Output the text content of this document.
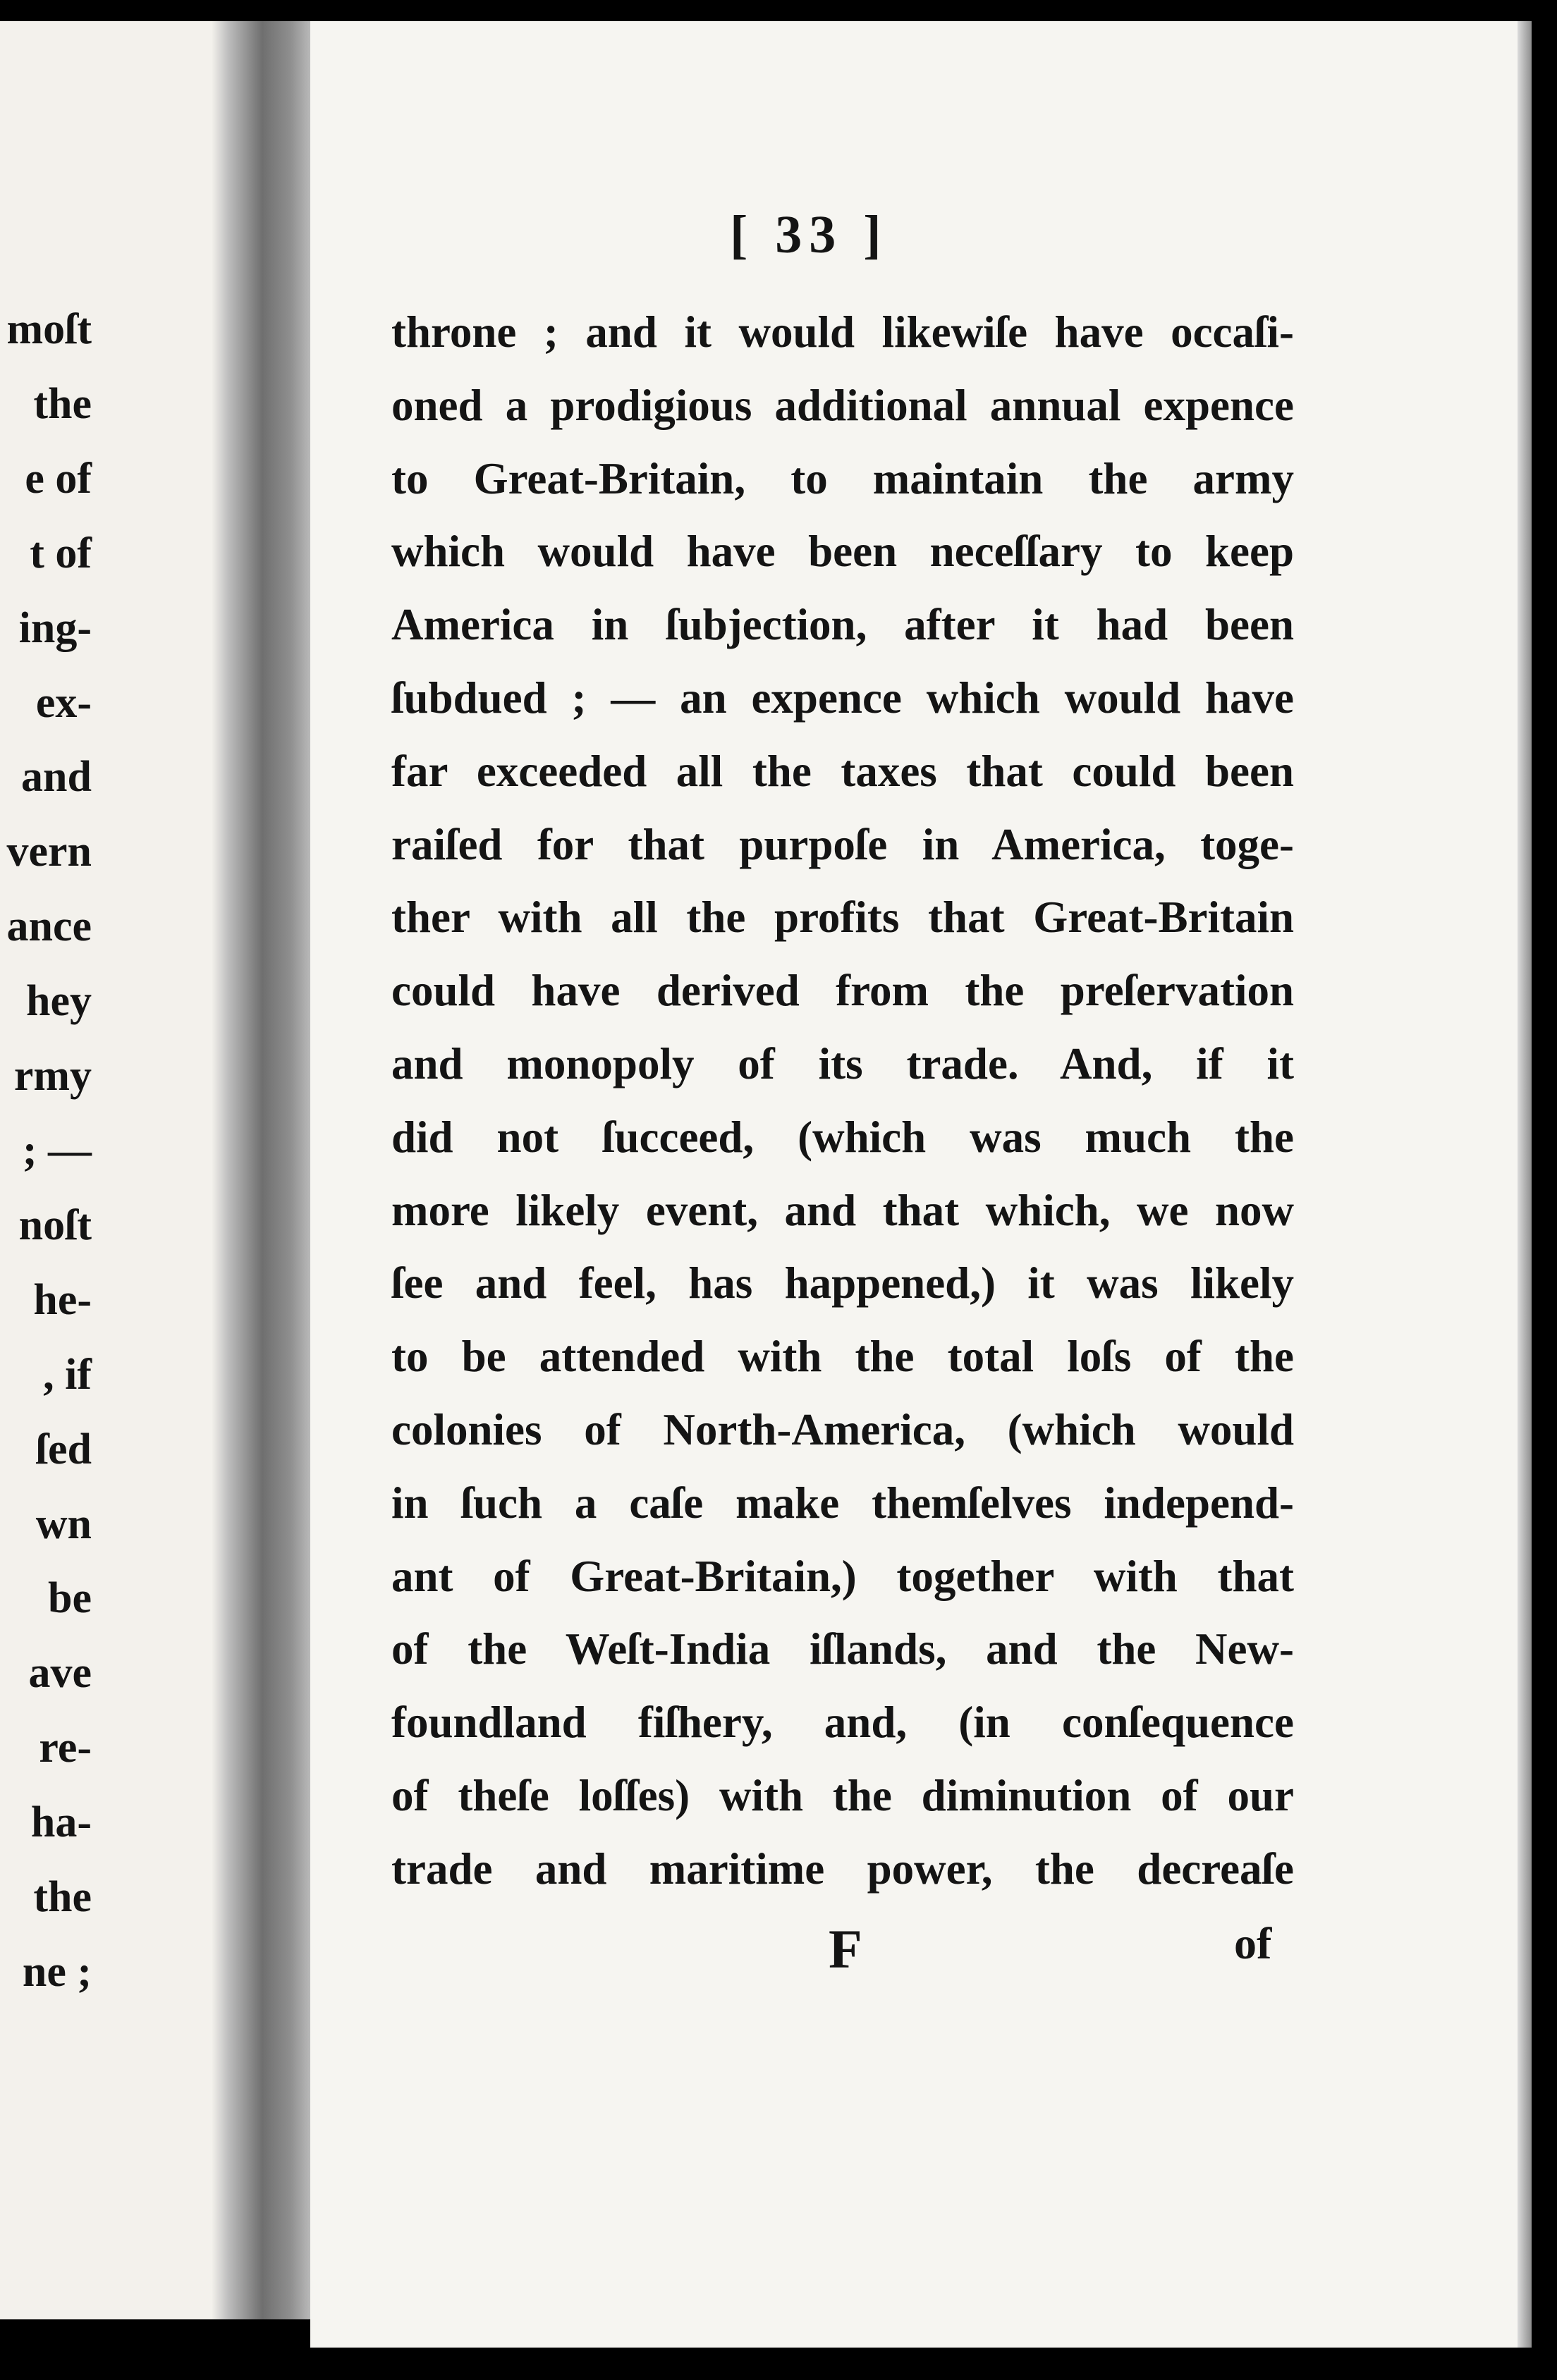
moſt
the
e of
t of
ing-
ex-
and
vern
ance
hey
rmy
; —
noſt
he-
, if
ſed
wn
be
ave
re-
ha-
the
ne ;
[ 33 ]
throne ; and it would likewiſe have occaſi-
oned a prodigious additional annual expence
to Great-Britain, to maintain the army
which would have been neceſſary to keep
America in ſubjection, after it had been
ſubdued ; — an expence which would have
far exceeded all the taxes that could been
raiſed for that purpoſe in America, toge-
ther with all the profits that Great-Britain
could have derived from the preſervation
and monopoly of its trade. And, if it
did not ſucceed, (which was much the
more likely event, and that which, we now
ſee and feel, has happened,) it was likely
to be attended with the total loſs of the
colonies of North-America, (which would
in ſuch a caſe make themſelves independ-
ant of Great-Britain,) together with that
of the Weſt-India iſlands, and the New-
foundland fiſhery, and, (in conſequence
of theſe loſſes) with the diminution of our
trade and maritime power, the decreaſe
F	of
